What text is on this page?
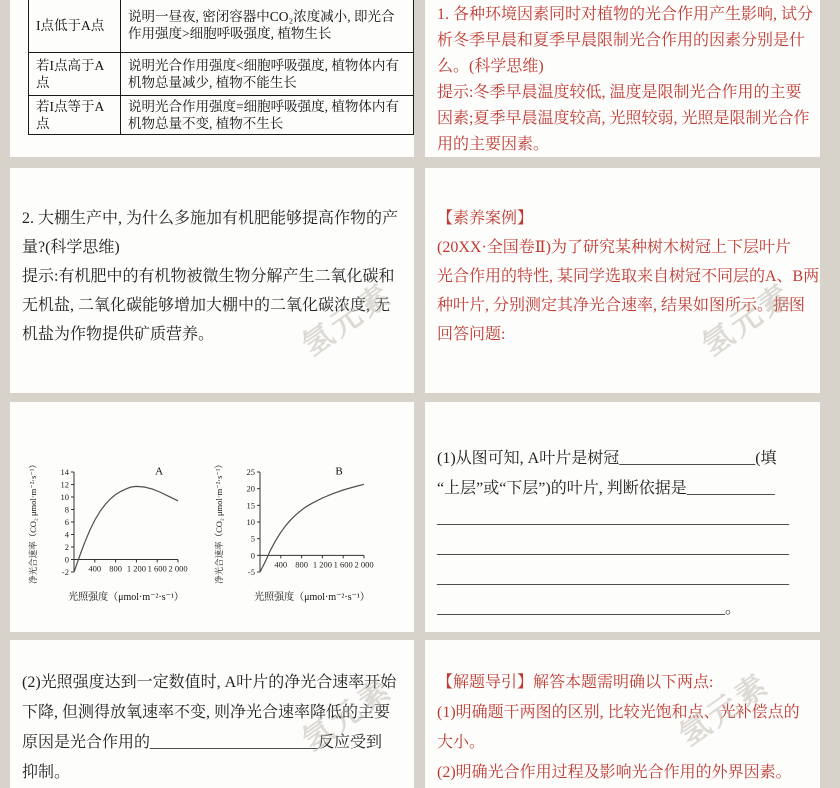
I点低于A点	说明一昼夜, 密闭容器中CO₂浓度减小, 即光合作用强度>细胞呼吸强度, 植物生长
若I点高于A点	说明光合作用强度<细胞呼吸强度, 植物体内有机物总量减少, 植物不能生长
若I点等于A点	说明光合作用强度=细胞呼吸强度, 植物体内有机物总量不变, 植物不生长
1. 各种环境因素同时对植物的光合作用产生影响, 试分
析冬季早晨和夏季早晨限制光合作用的因素分别是什
么。(科学思维)
提示:冬季早晨温度较低, 温度是限制光合作用的主要
因素;夏季早晨温度较高, 光照较弱, 光照是限制光合作
用的主要因素。
2. 大棚生产中, 为什么多施加有机肥能够提高作物的产
量?(科学思维)
提示:有机肥中的有机物被微生物分解产生二氧化碳和
无机盐, 二氧化碳能够增加大棚中的二氧化碳浓度, 无
机盐为作物提供矿质营养。
【素养案例】
(20XX·全国卷Ⅱ)为了研究某种树木树冠上下层叶片
光合作用的特性, 某同学选取来自树冠不同层的A、B两
种叶片, 分别测定其净光合速率, 结果如图所示。据图
回答问题:
14
12
10
8
6
4
2
0
-2 400 800 1 200 1 600 2 000
A
光照强度（μmol·m⁻²·s⁻¹）
净光合速率（CO₂ μmol·m⁻²·s⁻¹）	25
20
15
10
5
0
-5
400 800 1 200 1 600 2 000
B
光照强度（μmol·m⁻²·s⁻¹）
净光合速率（CO₂ μmol·m⁻²·s⁻¹）
(1)从图可知, A叶片是树冠_________________(填
“上层”或“下层”)的叶片, 判断依据是___________
____________________________________________
____________________________________________
____________________________________________
____________________________________。
(2)光照强度达到一定数值时, A叶片的净光合速率开始
下降, 但测得放氧速率不变, 则净光合速率降低的主要
原因是光合作用的_____________________反应受到
抑制。
【解题导引】解答本题需明确以下两点:
(1)明确题干两图的区别, 比较光饱和点、光补偿点的
大小。
(2)明确光合作用过程及影响光合作用的外界因素。
氢元素	氢元素
氢元素	氢元素
